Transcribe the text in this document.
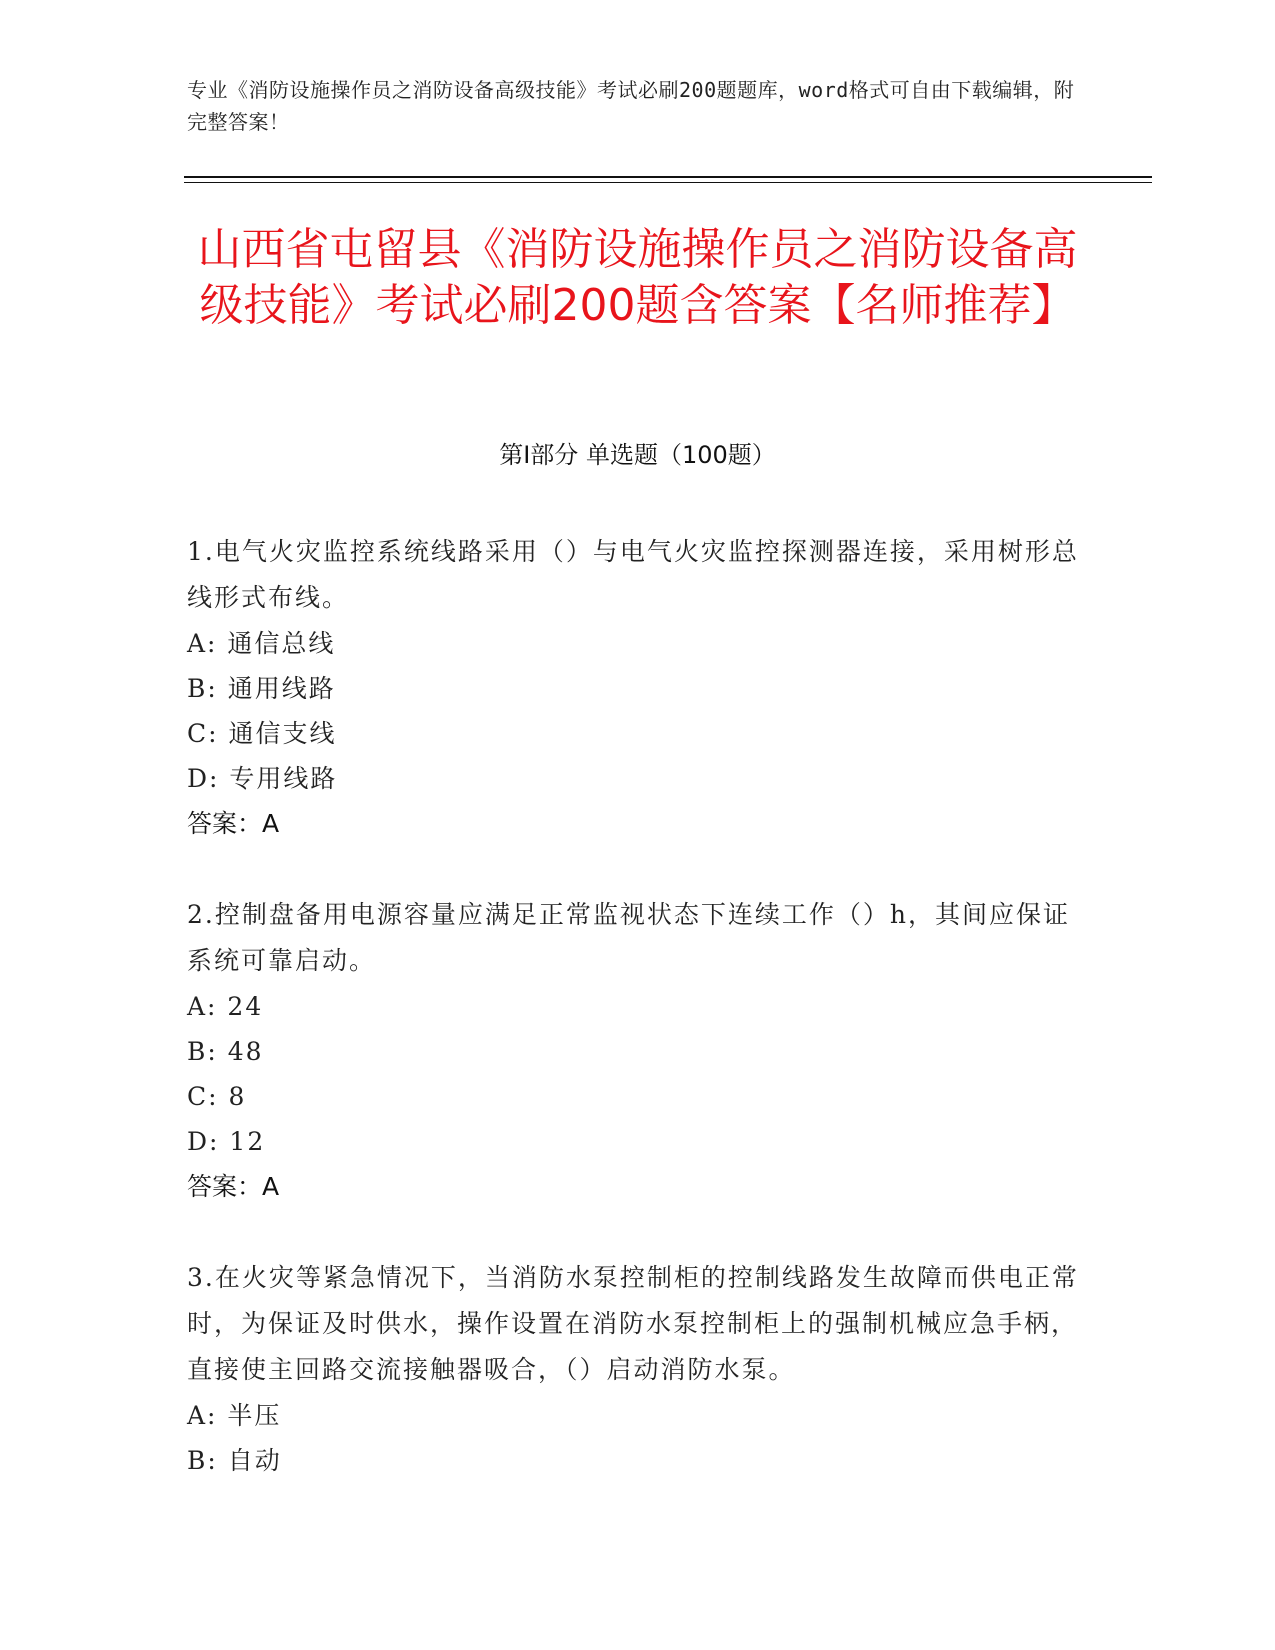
专业《消防设施操作员之消防设备高级技能》考试必刷200题题库，word格式可自由下载编辑，附完整答案！
山西省屯留县《消防设施操作员之消防设备高级技能》考试必刷200题含答案【名师推荐】
第I部分 单选题（100题）

1.电气火灾监控系统线路采用（）与电气火灾监控探测器连接，采用树形总线形式布线。

A: 通信总线

B: 通用线路

C: 通信支线

D: 专用线路

答案：A

2.控制盘备用电源容量应满足正常监视状态下连续工作（）h，其间应保证系统可靠启动。

A: 24

B: 48

C: 8

D: 12

答案：A

3.在火灾等紧急情况下，当消防水泵控制柜的控制线路发生故障而供电正常时，为保证及时供水，操作设置在消防水泵控制柜上的强制机械应急手柄，直接使主回路交流接触器吸合，（）启动消防水泵。

A: 半压

B: 自动
